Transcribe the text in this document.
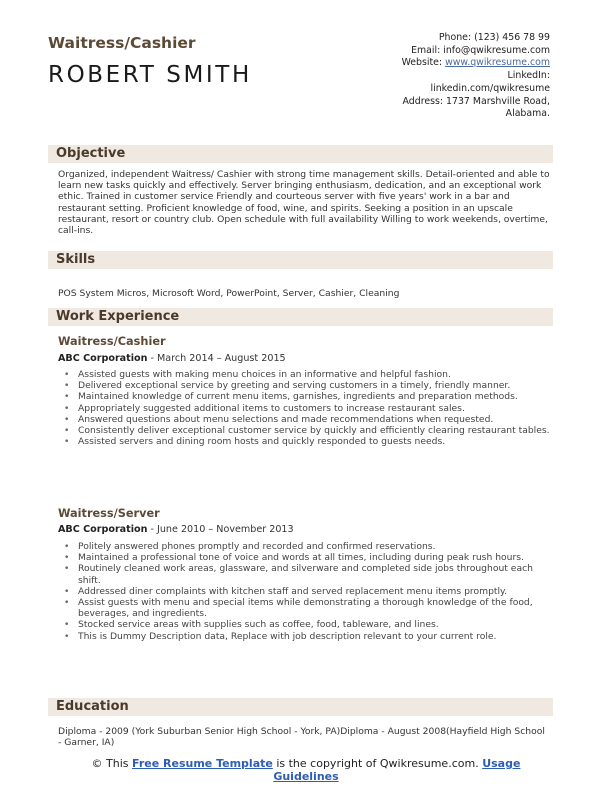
Waitress/Cashier
ROBERT SMITH
Phone: (123) 456 78 99
Email: info@qwikresume.com
Website: www.qwikresume.com
LinkedIn:
linkedin.com/qwikresume
Address: 1737 Marshville Road,
Alabama.
Objective
Organized, independent Waitress/ Cashier with strong time management skills. Detail-oriented and able to learn new tasks quickly and effectively. Server bringing enthusiasm, dedication, and an exceptional work ethic. Trained in customer service Friendly and courteous server with five years' work in a bar and restaurant setting. Proficient knowledge of food, wine, and spirits. Seeking a position in an upscale restaurant, resort or country club. Open schedule with full availability Willing to work weekends, overtime, call-ins.
Skills
POS System Micros, Microsoft Word, PowerPoint, Server, Cashier, Cleaning
Work Experience
Waitress/Cashier
ABC Corporation - March 2014 – August 2015
• Assisted guests with making menu choices in an informative and helpful fashion.
• Delivered exceptional service by greeting and serving customers in a timely, friendly manner.
• Maintained knowledge of current menu items, garnishes, ingredients and preparation methods.
• Appropriately suggested additional items to customers to increase restaurant sales.
• Answered questions about menu selections and made recommendations when requested.
• Consistently deliver exceptional customer service by quickly and efficiently clearing restaurant tables.
• Assisted servers and dining room hosts and quickly responded to guests needs.
Waitress/Server
ABC Corporation - June 2010 – November 2013
• Politely answered phones promptly and recorded and confirmed reservations.
• Maintained a professional tone of voice and words at all times, including during peak rush hours.
• Routinely cleaned work areas, glassware, and silverware and completed side jobs throughout each shift.
• Addressed diner complaints with kitchen staff and served replacement menu items promptly.
• Assist guests with menu and special items while demonstrating a thorough knowledge of the food, beverages, and ingredients.
• Stocked service areas with supplies such as coffee, food, tableware, and lines.
• This is Dummy Description data, Replace with job description relevant to your current role.
Education
Diploma - 2009 (York Suburban Senior High School - York, PA)Diploma - August 2008(Hayfield High School - Garner, IA)
© This Free Resume Template is the copyright of Qwikresume.com. Usage Guidelines
